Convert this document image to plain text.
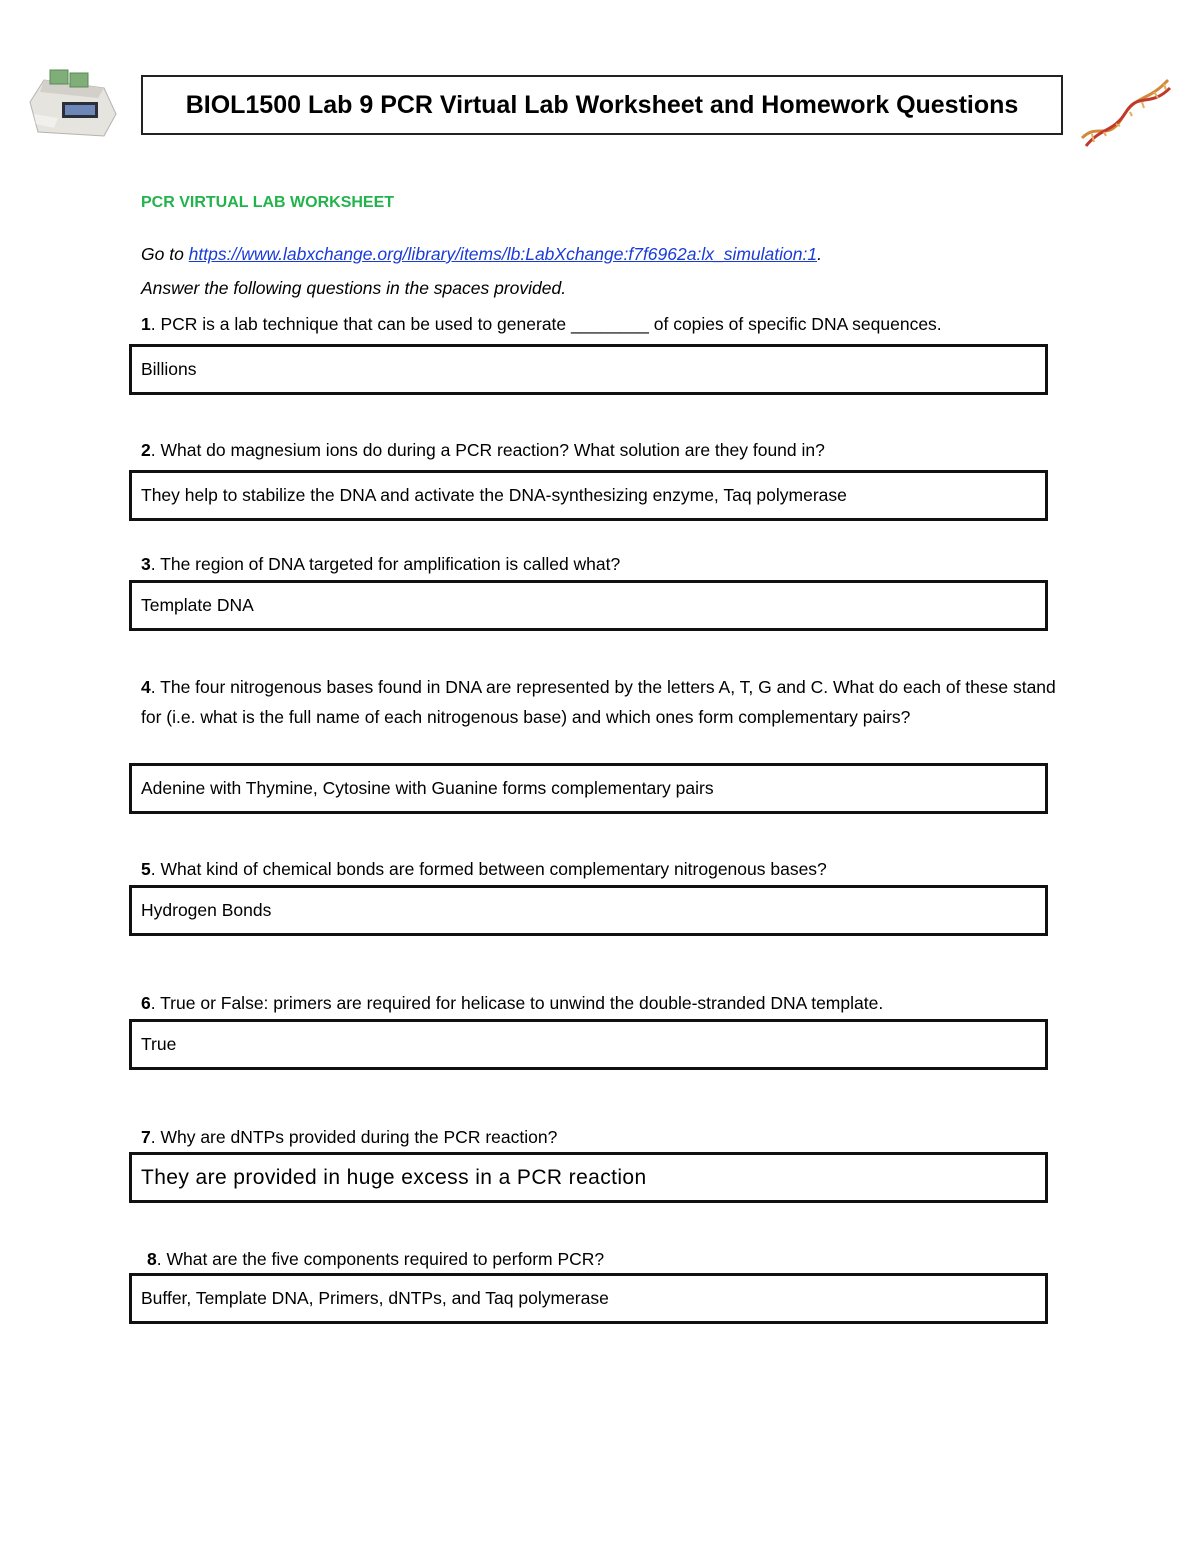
BIOL1500 Lab 9 PCR Virtual Lab Worksheet and Homework Questions
PCR VIRTUAL LAB WORKSHEET
Go to https://www.labxchange.org/library/items/lb:LabXchange:f7f6962a:lx_simulation:1.
Answer the following questions in the spaces provided.
1. PCR is a lab technique that can be used to generate ________ of copies of specific DNA sequences.
Billions
2. What do magnesium ions do during a PCR reaction? What solution are they found in?
They help to stabilize the DNA and activate the DNA-synthesizing enzyme, Taq polymerase
3. The region of DNA targeted for amplification is called what?
Template DNA
4. The four nitrogenous bases found in DNA are represented by the letters A, T, G and C. What do each of these stand for (i.e. what is the full name of each nitrogenous base) and which ones form complementary pairs?
Adenine with Thymine, Cytosine with Guanine forms complementary pairs
5. What kind of chemical bonds are formed between complementary nitrogenous bases?
Hydrogen Bonds
6. True or False: primers are required for helicase to unwind the double-stranded DNA template.
True
7. Why are dNTPs provided during the PCR reaction?
They are provided in huge excess in a PCR reaction
8. What are the five components required to perform PCR?
Buffer, Template DNA, Primers, dNTPs, and Taq polymerase
